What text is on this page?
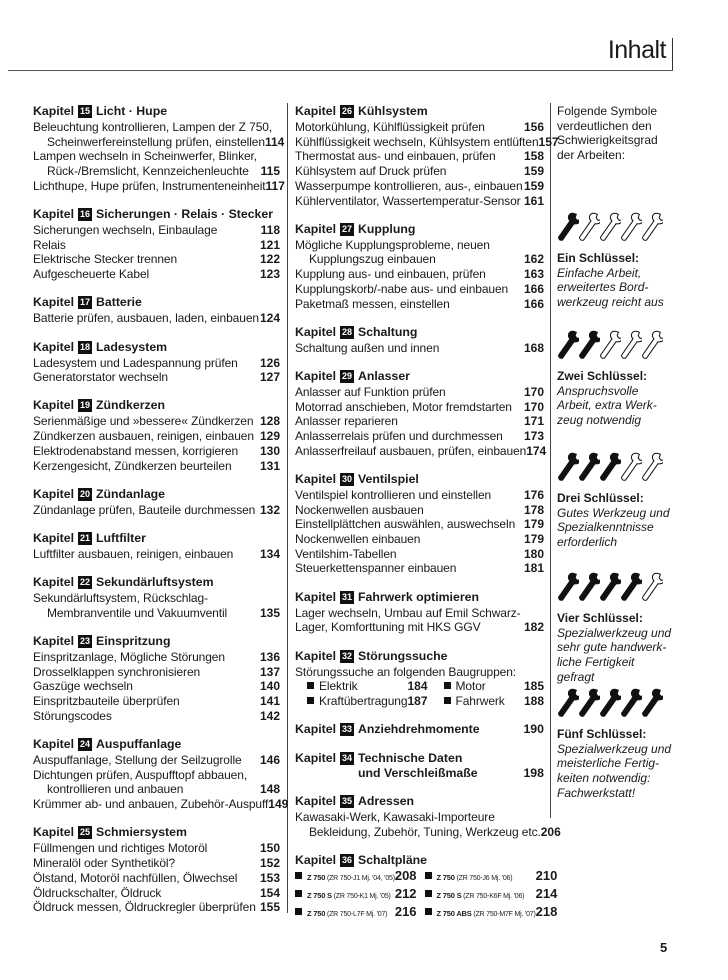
Inhalt
Kapitel 15 Licht · Hupe
Beleuchtung kontrollieren, Lampen der Z 750,
Scheinwerfereinstellung prüfen, einstellen 114
Lampen wechseln in Scheinwerfer, Blinker,
Rück-/Bremslicht, Kennzeichenleuchte 115
Lichthupe, Hupe prüfen, Instrumenteneinheit 117
Kapitel 16 Sicherungen · Relais · Stecker
Sicherungen wechseln, Einbaulage	118
Relais	121
Elektrische Stecker trennen	122
Aufgescheuerte Kabel	123
Kapitel 17 Batterie
Batterie prüfen, ausbauen, laden, einbauen 124
Kapitel 18 Ladesystem
Ladesystem und Ladespannung prüfen 126
Generatorstator wechseln	127
Kapitel 19 Zündkerzen
Serienmäßige und »bessere« Zündkerzen 128
Zündkerzen ausbauen, reinigen, einbauen 129
Elektrodenabstand messen, korrigieren 130
Kerzengesicht, Zündkerzen beurteilen 131
Kapitel 20 Zündanlage
Zündanlage prüfen, Bauteile durchmessen 132
Kapitel 21 Luftfilter
Luftfilter ausbauen, reinigen, einbauen 134
Kapitel 22 Sekundärluftsystem
Sekundärluftsystem, Rückschlag-
Membranventile und Vakuumventil	135
Kapitel 23 Einspritzung
Einspritzanlage, Mögliche Störungen	136
Drosselklappen synchronisieren	137
Gaszüge wechseln	140
Einspritzbauteile überprüfen	141
Störungscodes	142
Kapitel 24 Auspuffanlage
Auspuffanlage, Stellung der Seilzugrolle 146
Dichtungen prüfen, Auspufftopf abbauen,
kontrollieren und anbauen	148
Krümmer ab- und anbauen, Zubehör-Auspuff 149
Kapitel 25 Schmiersystem
Füllmengen und richtiges Motoröl	150
Mineralöl oder Synthetiköl?	152
Ölstand, Motoröl nachfüllen, Ölwechsel 153
Öldruckschalter, Öldruck	154
Öldruck messen, Öldruckregler überprüfen 155
Kapitel 26 Kühlsystem
Motorkühlung, Kühlflüssigkeit prüfen	156
Kühlflüssigkeit wechseln, Kühlsystem entlüften 157
Thermostat aus- und einbauen, prüfen 158
Kühlsystem auf Druck prüfen	159
Wasserpumpe kontrollieren, aus-, einbauen 159
Kühlerventilator, Wassertemperatur-Sensor 161
Kapitel 27 Kupplung
Mögliche Kupplungsprobleme, neuen
Kupplungszug einbauen	162
Kupplung aus- und einbauen, prüfen	163
Kupplungskorb/-nabe aus- und einbauen 166
Paketmaß messen, einstellen	166
Kapitel 28 Schaltung
Schaltung außen und innen	168
Kapitel 29 Anlasser
Anlasser auf Funktion prüfen	170
Motorrad anschieben, Motor fremdstarten 170
Anlasser reparieren	171
Anlasserrelais prüfen und durchmessen 173
Anlasserfreilauf ausbauen, prüfen, einbauen 174
Kapitel 30 Ventilspiel
Ventilspiel kontrollieren und einstellen	176
Nockenwellen ausbauen	178
Einstellplättchen auswählen, auswechseln 179
Nockenwellen einbauen	179
Ventilshim-Tabellen	180
Steuerkettenspanner einbauen	181
Kapitel 31 Fahrwerk optimieren
Lager wechseln, Umbau auf Emil Schwarz-
Lager, Komforttuning mit HKS GGV	182
Kapitel 32 Störungssuche
Störungssuche an folgenden Baugruppen:
Elektrik	184	Motor	185
Kraftübertragung 187	Fahrwerk 188
Kapitel 33 Anziehdrehmomente	190
Kapitel 34 Technische Daten
und Verschleißmaße	198
Kapitel 35 Adressen
Kawasaki-Werk, Kawasaki-Importeure
Bekleidung, Zubehör, Tuning, Werkzeug etc. 206
Kapitel 36 Schaltpläne
Z 750 (ZR 750-J1 Mj. '04, '05) 208	Z 750 (ZR 750-J6 Mj. '06) 210
Z 750 S (ZR 750-K1 Mj. '05) 212	Z 750 S (ZR 750-K6F Mj. '06) 214
Z 750 (ZR 750-L7F Mj. '07) 216	Z 750 ABS (ZR 750-M7F Mj. '07) 218
Folgende Symbole verdeutlichen den Schwierigkeitsgrad der Arbeiten:
Ein Schlüssel:
Einfache Arbeit,
erweitertes Bord-
werkzeug reicht aus
Zwei Schlüssel:
Anspruchsvolle
Arbeit, extra Werk-
zeug notwendig
Drei Schlüssel:
Gutes Werkzeug und
Spezialkenntnisse
erforderlich
Vier Schlüssel:
Spezialwerkzeug und
sehr gute handwerk-
liche Fertigkeit gefragt
Fünf Schlüssel:
Spezialwerkzeug und
meisterliche Fertig-
keiten notwendig:
Fachwerkstatt!
5
